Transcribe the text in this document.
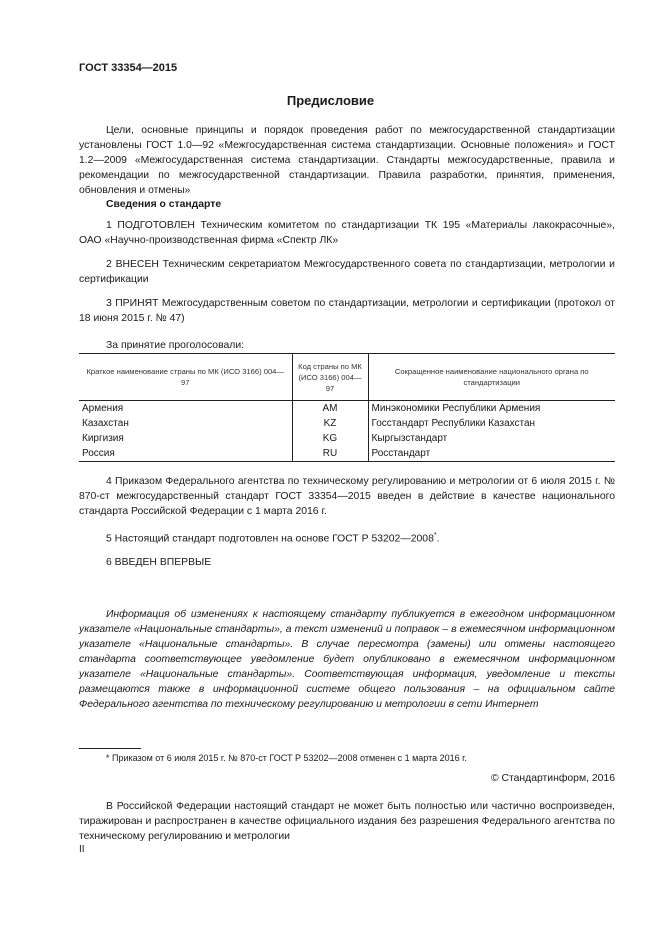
ГОСТ 33354—2015
Предисловие
Цели, основные принципы и порядок проведения работ по межгосударственной стандартизации установлены ГОСТ 1.0—92 «Межгосударственная система стандартизации. Основные положения» и ГОСТ 1.2—2009 «Межгосударственная система стандартизации. Стандарты межгосударственные, правила и рекомендации по межгосударственной стандартизации. Правила разработки, принятия, применения, обновления и отмены»
Сведения о стандарте
1 ПОДГОТОВЛЕН Техническим комитетом по стандартизации ТК 195 «Материалы лакокрасочные», ОАО «Научно-производственная фирма «Спектр ЛК»
2 ВНЕСЕН Техническим секретариатом Межгосударственного совета по стандартизации, метрологии и сертификации
3 ПРИНЯТ Межгосударственным советом по стандартизации, метрологии и сертификации (протокол от 18 июня 2015 г. № 47)
За принятие проголосовали:
Краткое наименование страны по МК (ИСО 3166) 004—97	Код страны по МК (ИСО 3166) 004—97	Сокращенное наименование национального органа по стандартизации
Армения	AM	Минэкономики Республики Армения
Казахстан	KZ	Госстандарт Республики Казахстан
Киргизия	KG	Кыргызстандарт
Россия	RU	Росстандарт
4 Приказом Федерального агентства по техническому регулированию и метрологии от 6 июля 2015 г. № 870-ст межгосударственный стандарт ГОСТ 33354—2015 введен в действие в качестве национального стандарта Российской Федерации с 1 марта 2016 г.
5 Настоящий стандарт подготовлен на основе ГОСТ Р 53202—2008*.
6 ВВЕДЕН ВПЕРВЫЕ
Информация об изменениях к настоящему стандарту публикуется в ежегодном информационном указателе «Национальные стандарты», а текст изменений и поправок – в ежемесячном информационном указателе «Национальные стандарты». В случае пересмотра (замены) или отмены настоящего стандарта соответствующее уведомление будет опубликовано в ежемесячном информационном указателе «Национальные стандарты». Соответствующая информация, уведомление и тексты размещаются также в информационной системе общего пользования – на официальном сайте Федерального агентства по техническому регулированию и метрологии в сети Интернет
* Приказом от 6 июля 2015 г. № 870-ст ГОСТ Р 53202—2008 отменен с 1 марта 2016 г.
© Стандартинформ, 2016
В Российской Федерации настоящий стандарт не может быть полностью или частично воспроизведен, тиражирован и распространен в качестве официального издания без разрешения Федерального агентства по техническому регулированию и метрологии
II
